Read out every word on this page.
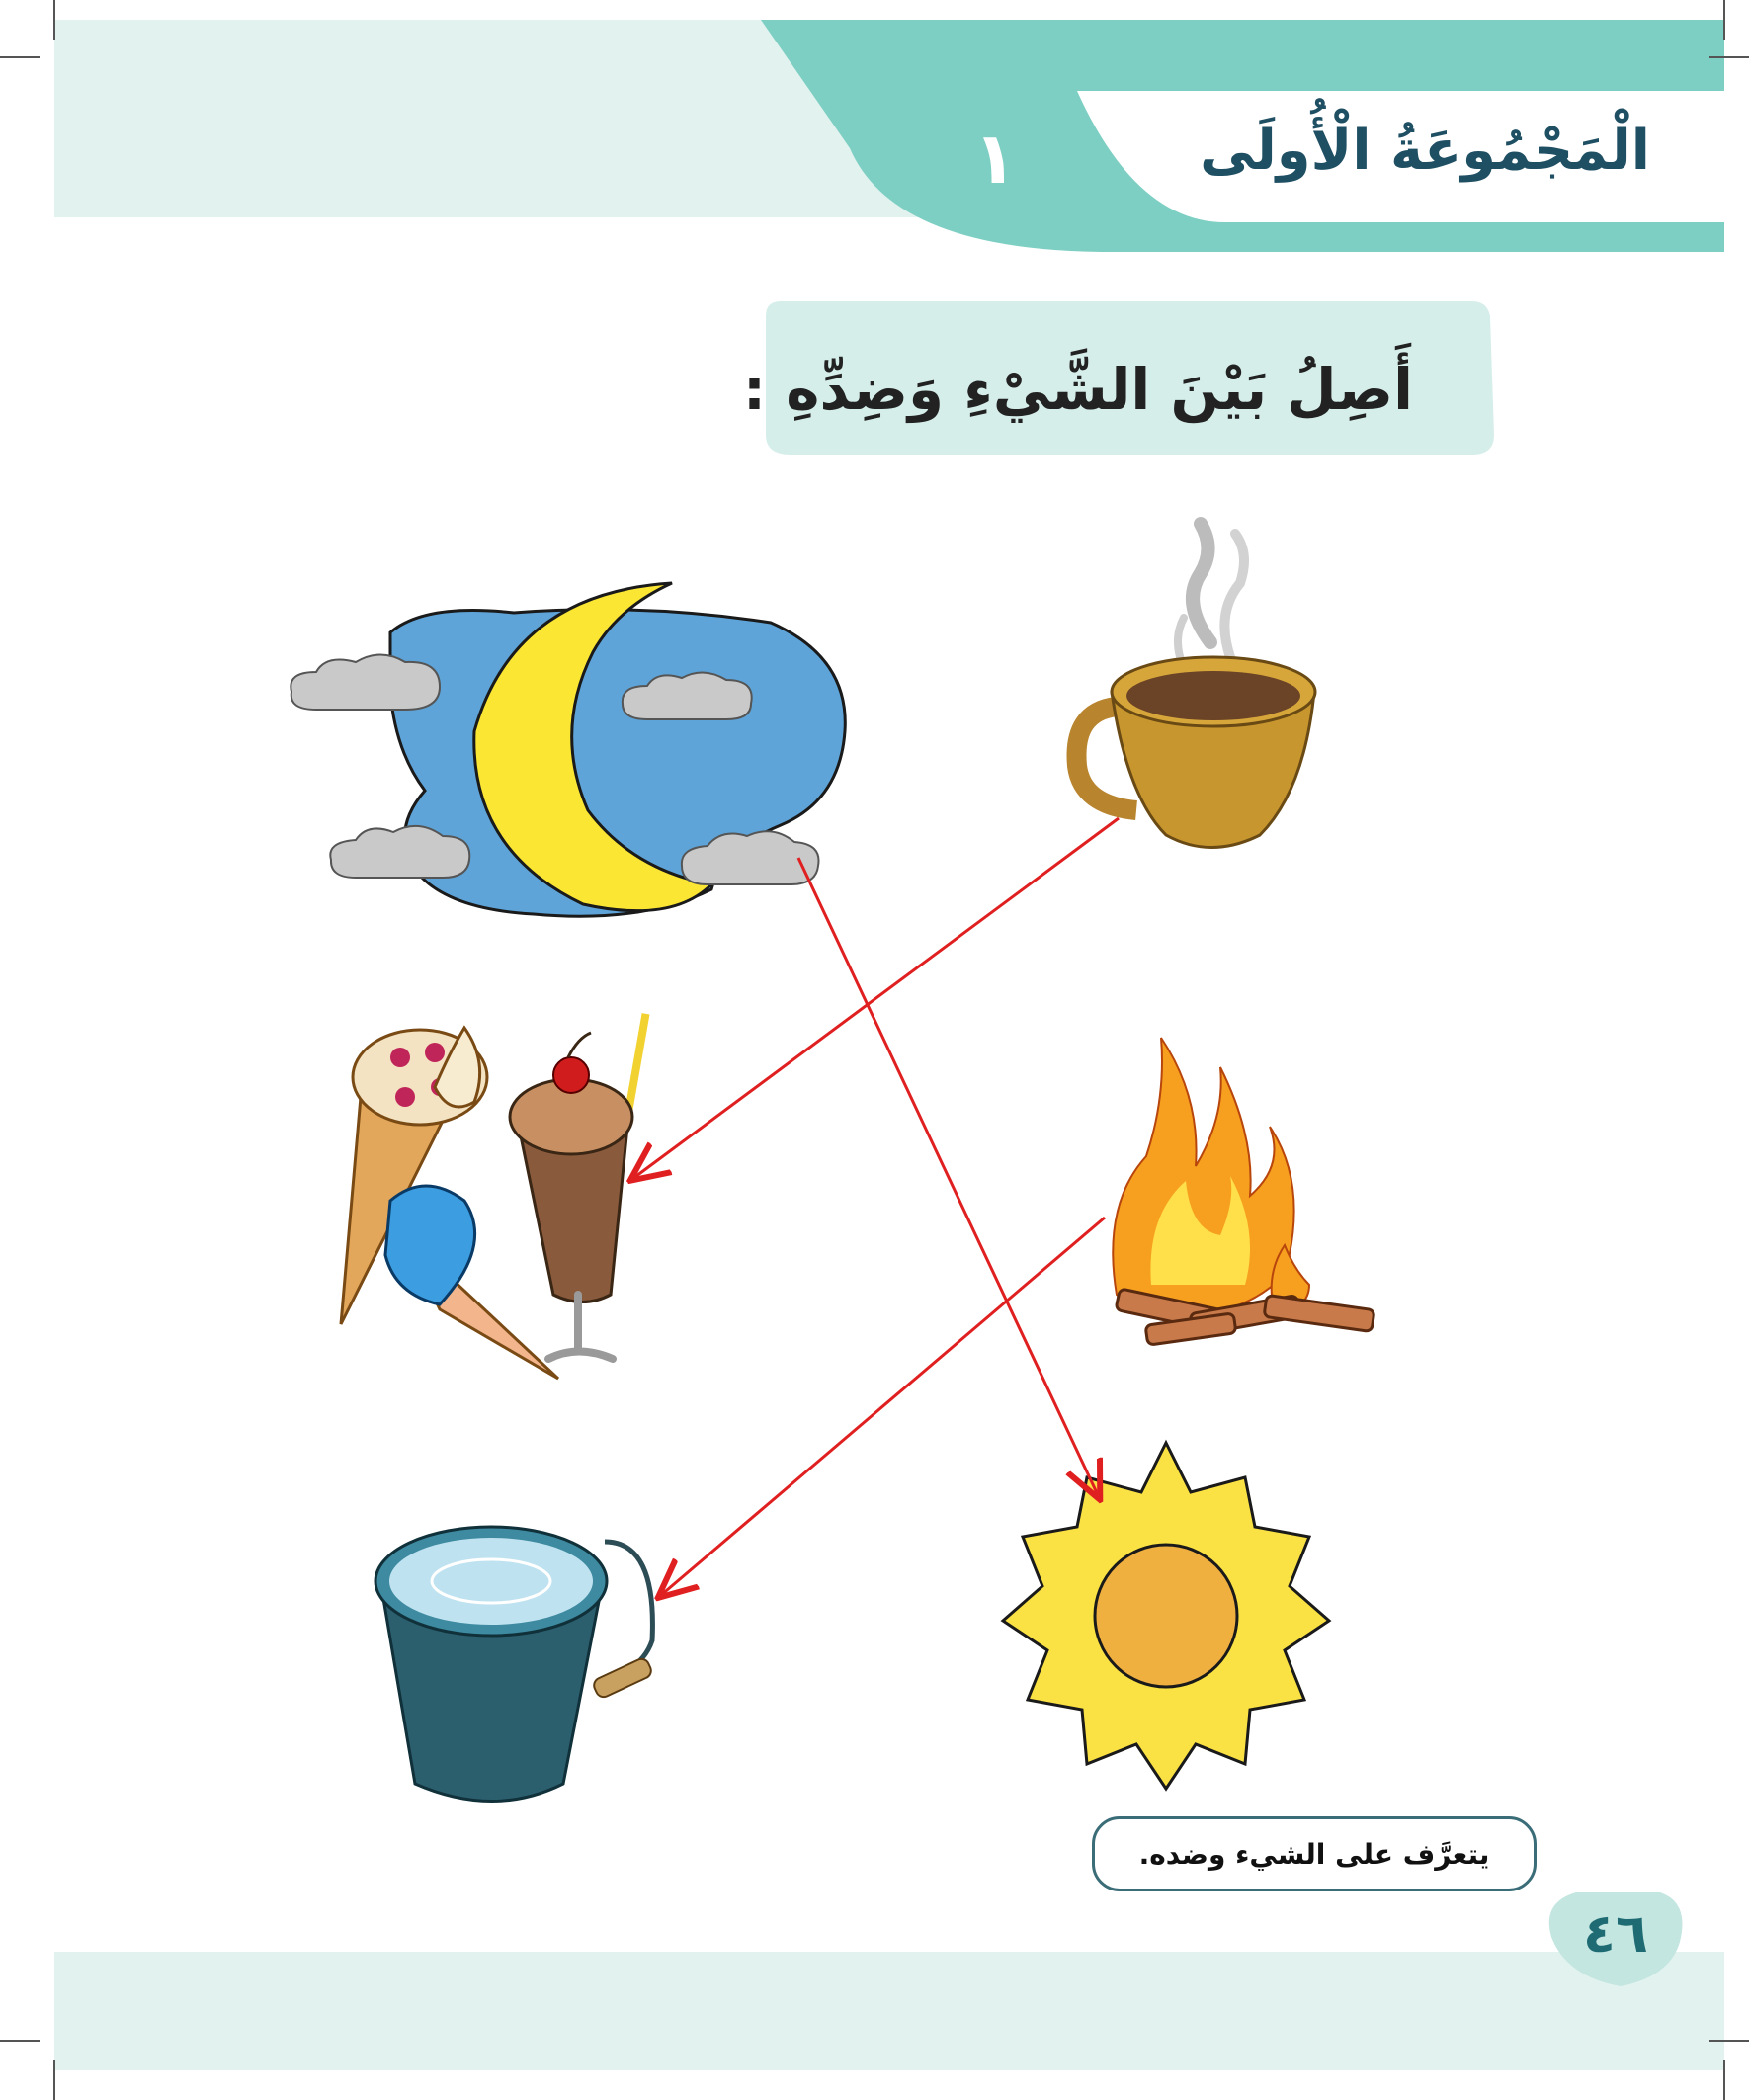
الْمَجْمُوعَةُ الْأُولَى
١
أَصِلُ بَيْنَ الشَّيْءِ وَضِدِّهِ :
يتعرَّف على الشيء وضده.
٤٦
